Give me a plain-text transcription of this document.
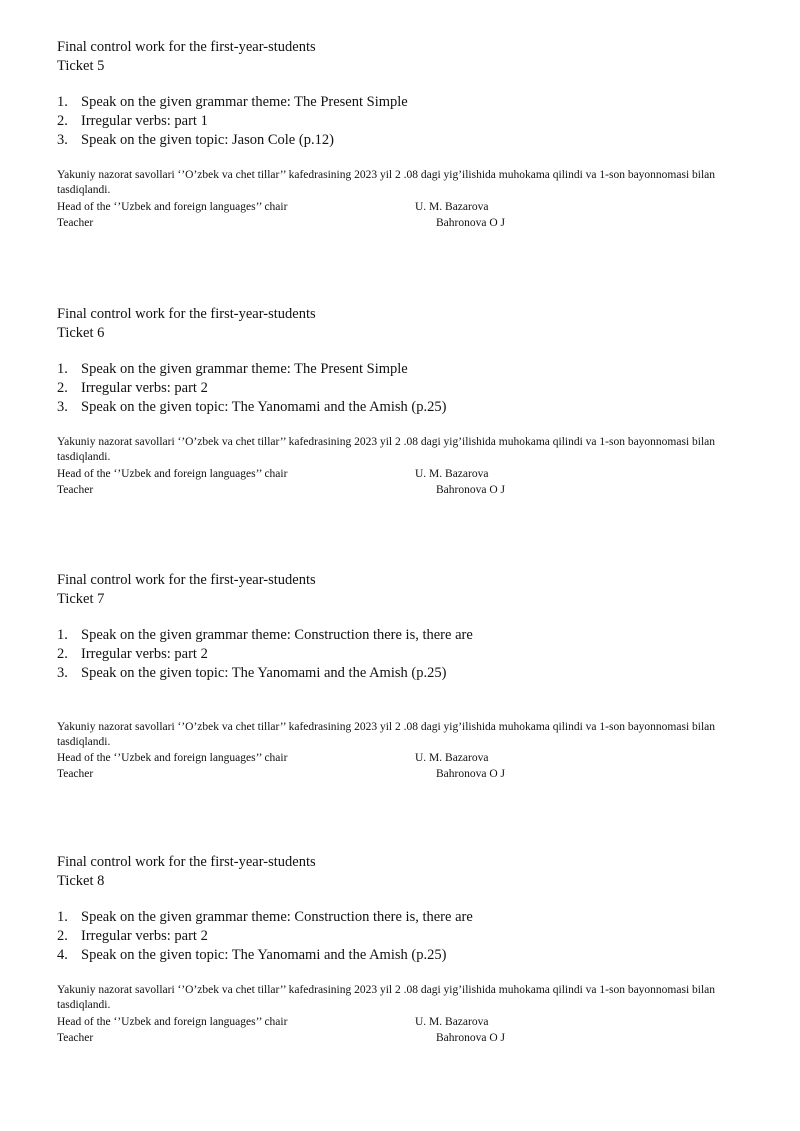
Final control work for the first-year-students
Ticket 5
1. Speak on the given grammar theme: The Present Simple
2. Irregular verbs: part 1
3. Speak on the given topic: Jason Cole (p.12)
Yakuniy nazorat savollari ‘’O’zbek va chet tillar’’ kafedrasining 2023 yil 2 .08 dagi yig’ilishida muhokama qilindi va 1-son bayonnomasi bilan tasdiqlandi.
Head of the ‘’Uzbek and foreign languages’’ chair	U. M. Bazarova
Teacher	Bahronova O J
Final control work for the first-year-students
Ticket 6
1. Speak on the given grammar theme: The Present Simple
2. Irregular verbs: part 2
3. Speak on the given topic: The Yanomami and the Amish (p.25)
Yakuniy nazorat savollari ‘’O’zbek va chet tillar’’ kafedrasining 2023 yil 2 .08 dagi yig’ilishida muhokama qilindi va 1-son bayonnomasi bilan tasdiqlandi.
Head of the ‘’Uzbek and foreign languages’’ chair	U. M. Bazarova
Teacher	Bahronova O J
Final control work for the first-year-students
Ticket 7
1. Speak on the given grammar theme: Construction there is, there are
2. Irregular verbs: part 2
3. Speak on the given topic: The Yanomami and the Amish (p.25)
Yakuniy nazorat savollari ‘’O’zbek va chet tillar’’ kafedrasining 2023 yil 2 .08 dagi yig’ilishida muhokama qilindi va 1-son bayonnomasi bilan tasdiqlandi.
Head of the ‘’Uzbek and foreign languages’’ chair	U. M. Bazarova
Teacher	Bahronova O J
Final control work for the first-year-students
Ticket 8
1. Speak on the given grammar theme: Construction there is, there are
2. Irregular verbs: part 2
4. Speak on the given topic: The Yanomami and the Amish (p.25)
Yakuniy nazorat savollari ‘’O’zbek va chet tillar’’ kafedrasining 2023 yil 2 .08 dagi yig’ilishida muhokama qilindi va 1-son bayonnomasi bilan tasdiqlandi.
Head of the ‘’Uzbek and foreign languages’’ chair	U. M. Bazarova
Teacher	Bahronova O J
